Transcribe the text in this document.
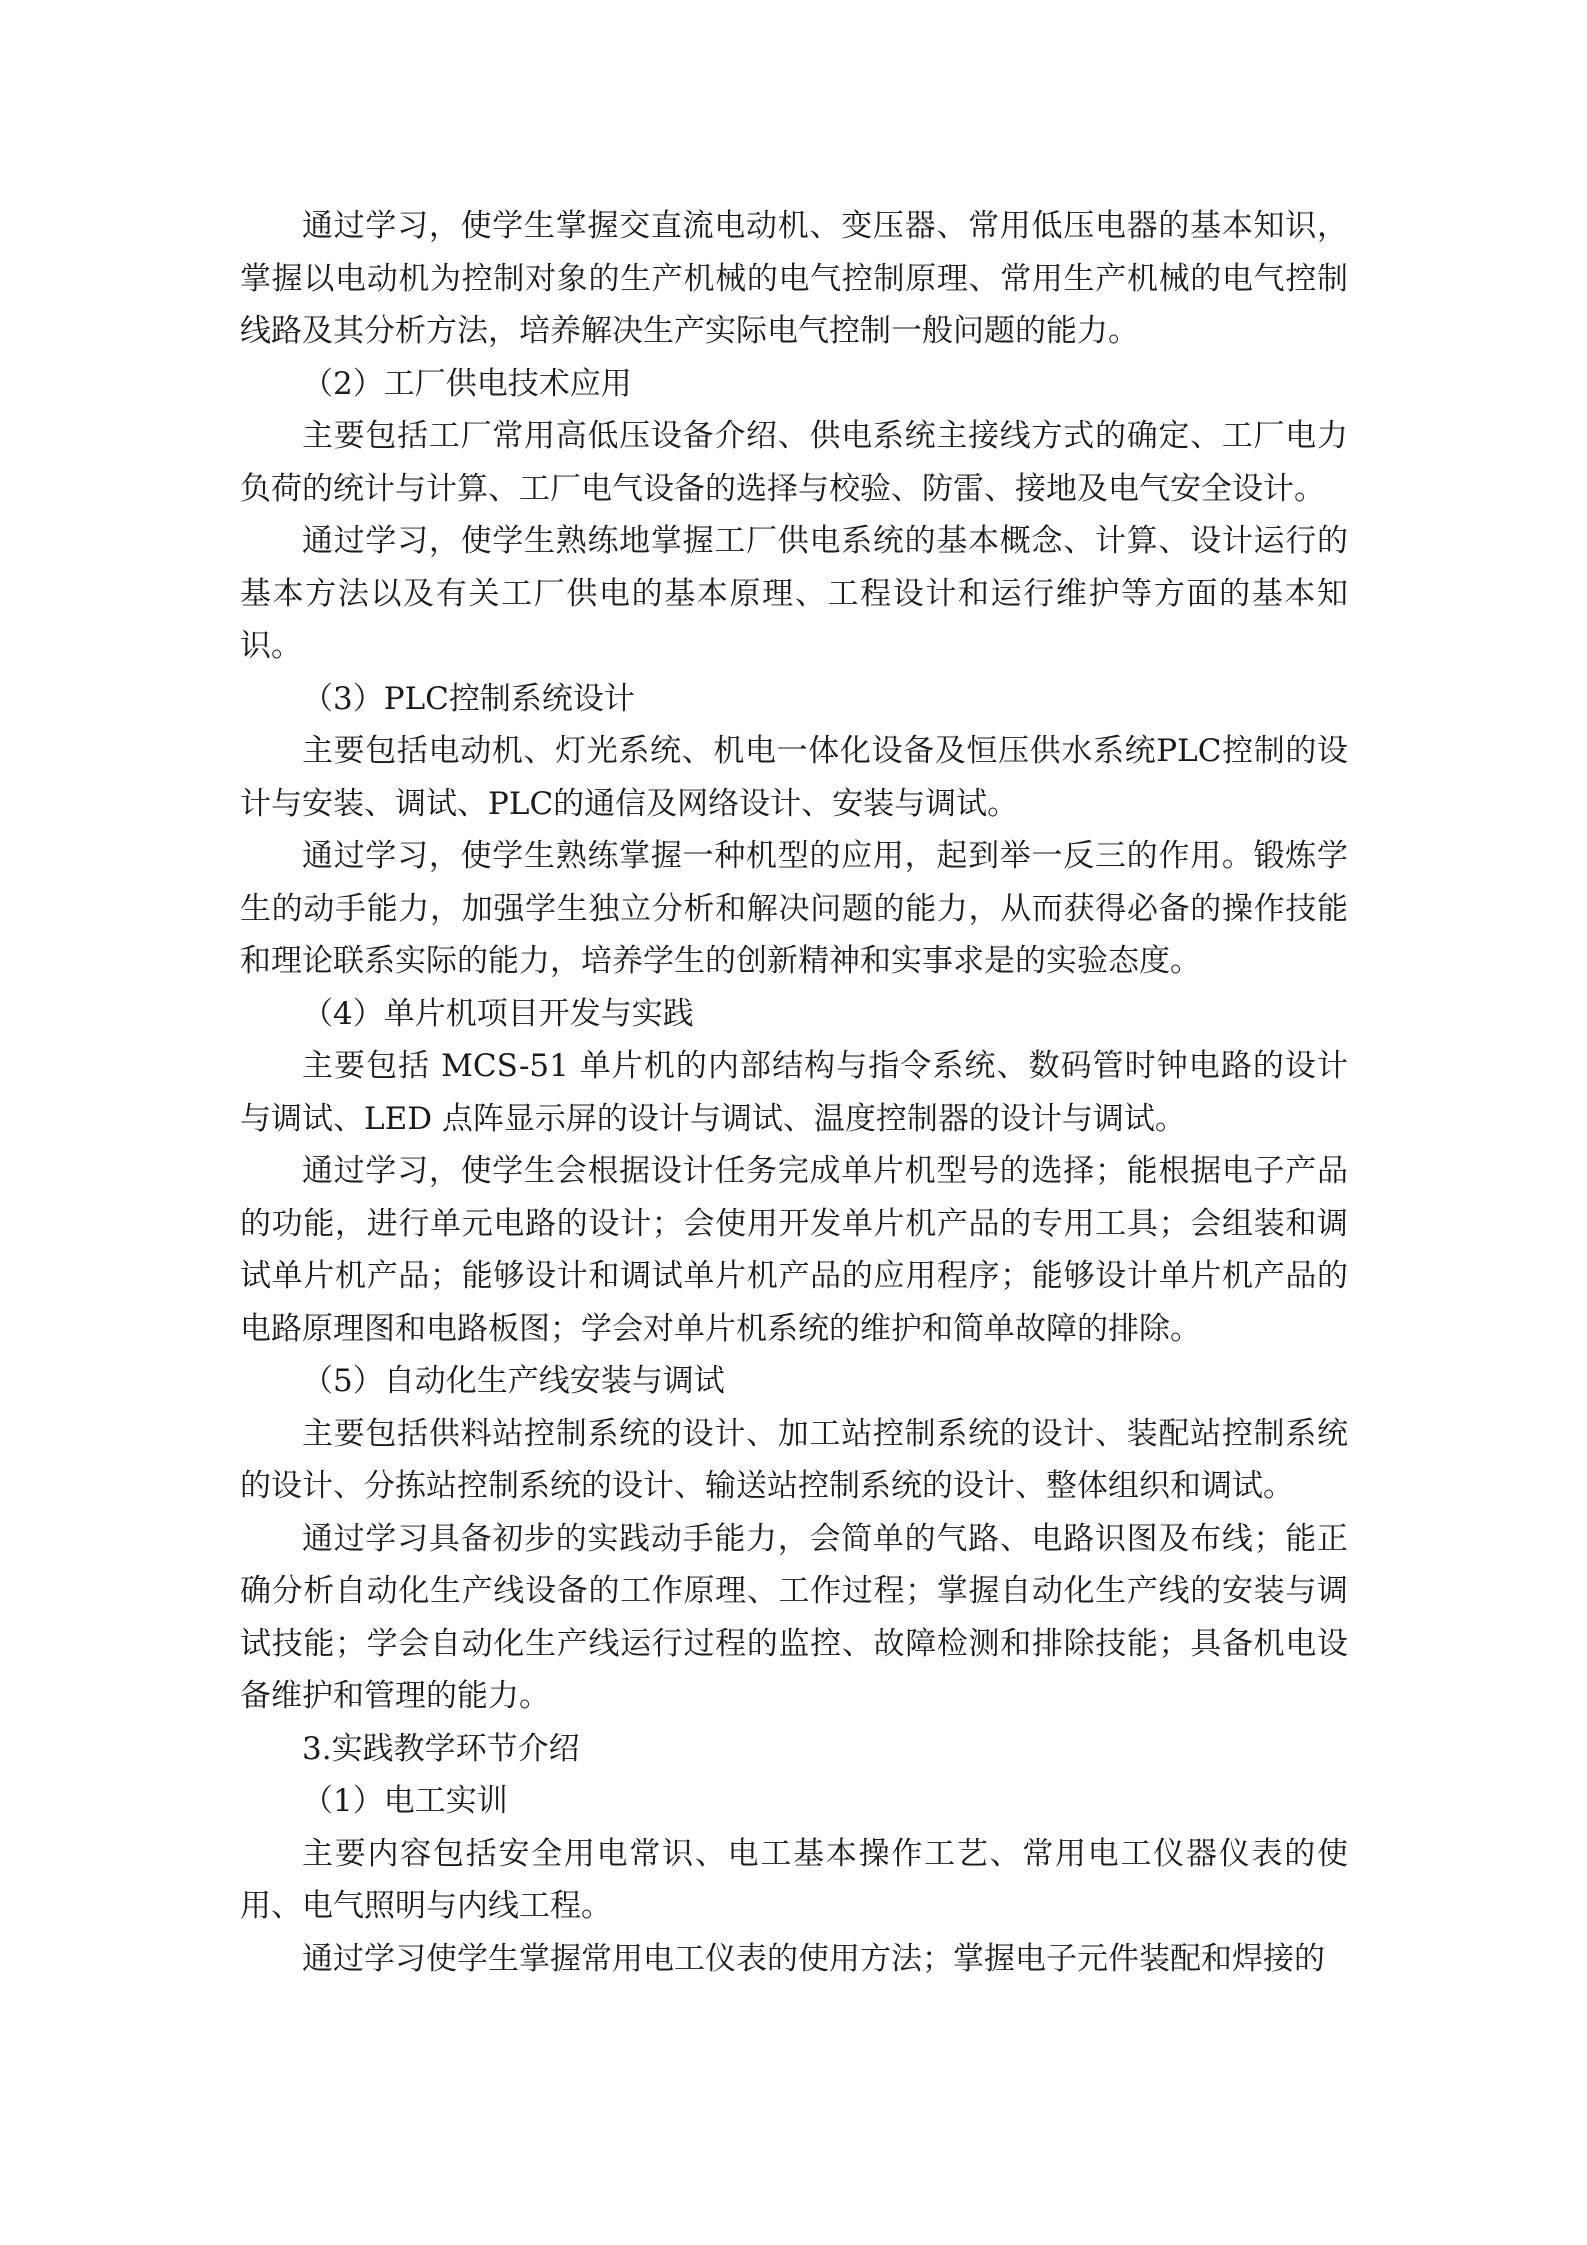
通过学习，使学生掌握交直流电动机、变压器、常用低压电器的基本知识，掌握以电动机为控制对象的生产机械的电气控制原理、常用生产机械的电气控制线路及其分析方法，培养解决生产实际电气控制一般问题的能力。

（2）工厂供电技术应用

主要包括工厂常用高低压设备介绍、供电系统主接线方式的确定、工厂电力负荷的统计与计算、工厂电气设备的选择与校验、防雷、接地及电气安全设计。

通过学习，使学生熟练地掌握工厂供电系统的基本概念、计算、设计运行的基本方法以及有关工厂供电的基本原理、工程设计和运行维护等方面的基本知识。

（3）PLC控制系统设计

主要包括电动机、灯光系统、机电一体化设备及恒压供水系统PLC控制的设计与安装、调试、PLC的通信及网络设计、安装与调试。

通过学习，使学生熟练掌握一种机型的应用，起到举一反三的作用。锻炼学生的动手能力，加强学生独立分析和解决问题的能力，从而获得必备的操作技能和理论联系实际的能力，培养学生的创新精神和实事求是的实验态度。

（4）单片机项目开发与实践

主要包括 MCS-51 单片机的内部结构与指令系统、数码管时钟电路的设计与调试、LED 点阵显示屏的设计与调试、温度控制器的设计与调试。

通过学习，使学生会根据设计任务完成单片机型号的选择；能根据电子产品的功能，进行单元电路的设计；会使用开发单片机产品的专用工具；会组装和调试单片机产品；能够设计和调试单片机产品的应用程序；能够设计单片机产品的电路原理图和电路板图；学会对单片机系统的维护和简单故障的排除。

（5）自动化生产线安装与调试

主要包括供料站控制系统的设计、加工站控制系统的设计、装配站控制系统的设计、分拣站控制系统的设计、输送站控制系统的设计、整体组织和调试。

通过学习具备初步的实践动手能力，会简单的气路、电路识图及布线；能正确分析自动化生产线设备的工作原理、工作过程；掌握自动化生产线的安装与调试技能；学会自动化生产线运行过程的监控、故障检测和排除技能；具备机电设备维护和管理的能力。

3.实践教学环节介绍

（1）电工实训

主要内容包括安全用电常识、电工基本操作工艺、常用电工仪器仪表的使用、电气照明与内线工程。

通过学习使学生掌握常用电工仪表的使用方法；掌握电子元件装配和焊接的
